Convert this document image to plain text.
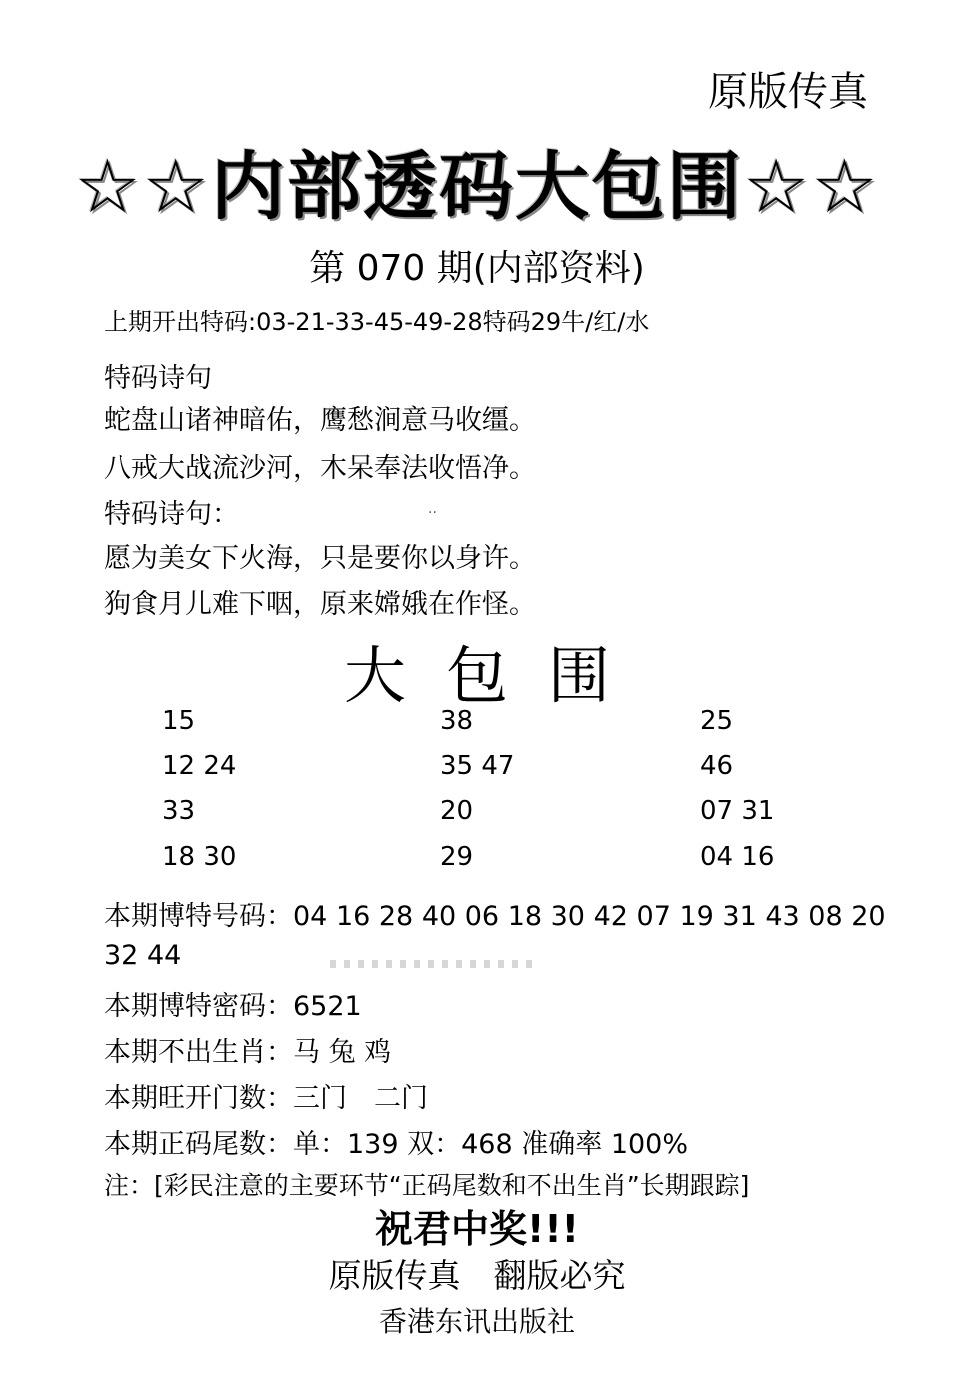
原版传真
☆☆内部透码大包围☆☆
第 070 期(内部资料)
上期开出特码:03-21-33-45-49-28特码29牛/红/水
特码诗句
蛇盘山诸神暗佑，鹰愁涧意马收缰。
八戒大战流沙河，木呆奉法收悟净。
特码诗句：	··
愿为美女下火海，只是要你以身许。
狗食月儿难下咽，原来嫦娥在作怪。
大包围
15	38	25
12 24	35 47	46
33	20	07 31
18 30	29	04 16
本期博特号码：04 16 28 40 06 18 30 42 07 19 31 43 08 20
32 44
本期博特密码：6521
本期不出生肖：马 兔 鸡
本期旺开门数：三门　二门
本期正码尾数：单：139 双：468 准确率 100%
注：[彩民注意的主要环节“正码尾数和不出生肖”长期跟踪]
祝君中奖!!!
原版传真　翻版必究
香港东讯出版社
